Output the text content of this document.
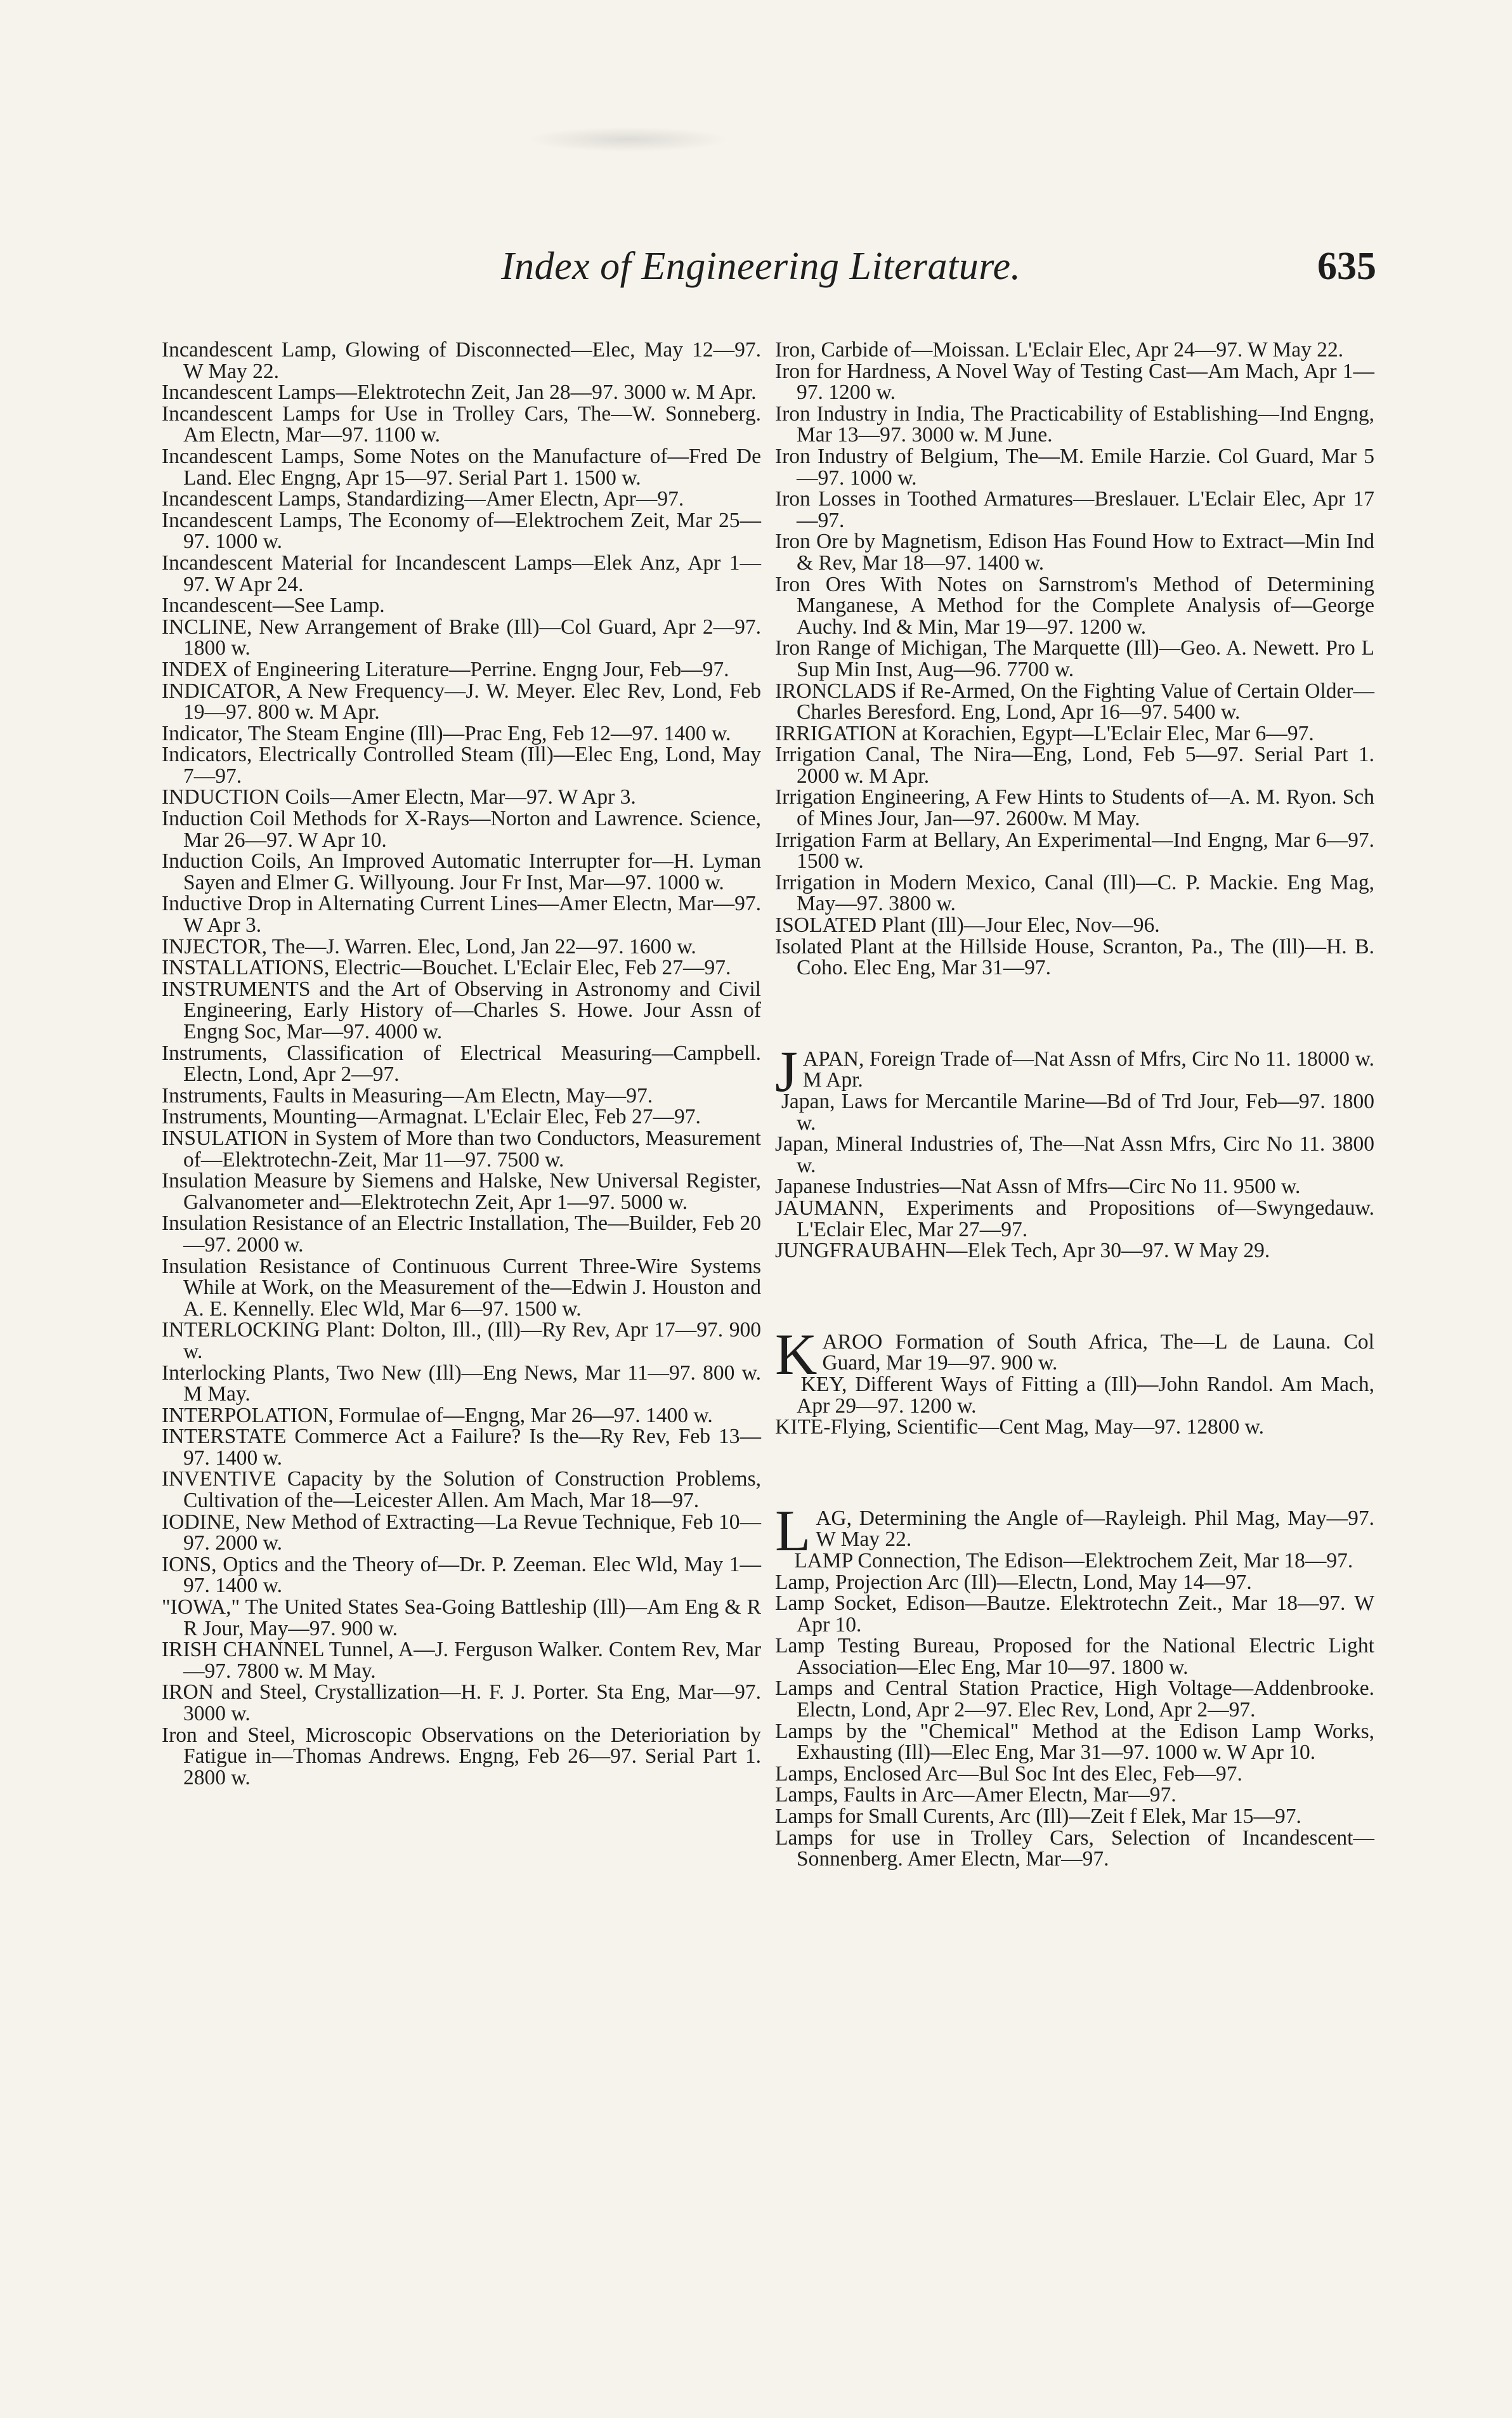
Index of Engineering Literature.	635

Incandescent Lamp, Glowing of Disconnected—Elec, May 12—97. W May 22.

Incandescent Lamps—Elektrotechn Zeit, Jan 28—97. 3000 w. M Apr.

Incandescent Lamps for Use in Trolley Cars, The—W. Sonneberg. Am Electn, Mar—97. 1100 w.

Incandescent Lamps, Some Notes on the Manufacture of—Fred De Land. Elec Engng, Apr 15—97. Serial Part 1. 1500 w.

Incandescent Lamps, Standardizing—Amer Electn, Apr—97.

Incandescent Lamps, The Economy of—Elektrochem Zeit, Mar 25—97. 1000 w.

Incandescent Material for Incandescent Lamps—Elek Anz, Apr 1—97. W Apr 24.

Incandescent—See Lamp.

INCLINE, New Arrangement of Brake (Ill)—Col Guard, Apr 2—97. 1800 w.

INDEX of Engineering Literature—Perrine. Engng Jour, Feb—97.

INDICATOR, A New Frequency—J. W. Meyer. Elec Rev, Lond, Feb 19—97. 800 w. M Apr.

Indicator, The Steam Engine (Ill)—Prac Eng, Feb 12—97. 1400 w.

Indicators, Electrically Controlled Steam (Ill)—Elec Eng, Lond, May 7—97.

INDUCTION Coils—Amer Electn, Mar—97. W Apr 3.

Induction Coil Methods for X-Rays—Norton and Lawrence. Science, Mar 26—97. W Apr 10.

Induction Coils, An Improved Automatic Interrupter for—H. Lyman Sayen and Elmer G. Willyoung. Jour Fr Inst, Mar—97. 1000 w.

Inductive Drop in Alternating Current Lines—Amer Electn, Mar—97. W Apr 3.

INJECTOR, The—J. Warren. Elec, Lond, Jan 22—97. 1600 w.

INSTALLATIONS, Electric—Bouchet. L'Eclair Elec, Feb 27—97.

INSTRUMENTS and the Art of Observing in Astronomy and Civil Engineering, Early History of—Charles S. Howe. Jour Assn of Engng Soc, Mar—97. 4000 w.

Instruments, Classification of Electrical Measuring—Campbell. Electn, Lond, Apr 2—97.

Instruments, Faults in Measuring—Am Electn, May—97.

Instruments, Mounting—Armagnat. L'Eclair Elec, Feb 27—97.

INSULATION in System of More than two Conductors, Measurement of—Elektrotechn-Zeit, Mar 11—97. 7500 w.

Insulation Measure by Siemens and Halske, New Universal Register, Galvanometer and—Elektrotechn Zeit, Apr 1—97. 5000 w.

Insulation Resistance of an Electric Installation, The—Builder, Feb 20—97. 2000 w.

Insulation Resistance of Continuous Current Three-Wire Systems While at Work, on the Measurement of the—Edwin J. Houston and A. E. Kennelly. Elec Wld, Mar 6—97. 1500 w.

INTERLOCKING Plant: Dolton, Ill., (Ill)—Ry Rev, Apr 17—97. 900 w.

Interlocking Plants, Two New (Ill)—Eng News, Mar 11—97. 800 w. M May.

INTERPOLATION, Formulae of—Engng, Mar 26—97. 1400 w.

INTERSTATE Commerce Act a Failure? Is the—Ry Rev, Feb 13—97. 1400 w.

INVENTIVE Capacity by the Solution of Construction Problems, Cultivation of the—Leicester Allen. Am Mach, Mar 18—97.

IODINE, New Method of Extracting—La Revue Technique, Feb 10—97. 2000 w.

IONS, Optics and the Theory of—Dr. P. Zeeman. Elec Wld, May 1—97. 1400 w.

"IOWA," The United States Sea-Going Battleship (Ill)—Am Eng & R R Jour, May—97. 900 w.

IRISH CHANNEL Tunnel, A—J. Ferguson Walker. Contem Rev, Mar—97. 7800 w. M May.

IRON and Steel, Crystallization—H. F. J. Porter. Sta Eng, Mar—97. 3000 w.

Iron and Steel, Microscopic Observations on the Deterioriation by Fatigue in—Thomas Andrews. Engng, Feb 26—97. Serial Part 1. 2800 w.

Iron, Carbide of—Moissan. L'Eclair Elec, Apr 24—97. W May 22.

Iron for Hardness, A Novel Way of Testing Cast—Am Mach, Apr 1—97. 1200 w.

Iron Industry in India, The Practicability of Establishing—Ind Engng, Mar 13—97. 3000 w. M June.

Iron Industry of Belgium, The—M. Emile Harzie. Col Guard, Mar 5—97. 1000 w.

Iron Losses in Toothed Armatures—Breslauer. L'Eclair Elec, Apr 17—97.

Iron Ore by Magnetism, Edison Has Found How to Extract—Min Ind & Rev, Mar 18—97. 1400 w.

Iron Ores With Notes on Sarnstrom's Method of Determining Manganese, A Method for the Complete Analysis of—George Auchy. Ind & Min, Mar 19—97. 1200 w.

Iron Range of Michigan, The Marquette (Ill)—Geo. A. Newett. Pro L Sup Min Inst, Aug—96. 7700 w.

IRONCLADS if Re-Armed, On the Fighting Value of Certain Older—Charles Beresford. Eng, Lond, Apr 16—97. 5400 w.

IRRIGATION at Korachien, Egypt—L'Eclair Elec, Mar 6—97.

Irrigation Canal, The Nira—Eng, Lond, Feb 5—97. Serial Part 1. 2000 w. M Apr.

Irrigation Engineering, A Few Hints to Students of—A. M. Ryon. Sch of Mines Jour, Jan—97. 2600w. M May.

Irrigation Farm at Bellary, An Experimental—Ind Engng, Mar 6—97. 1500 w.

Irrigation in Modern Mexico, Canal (Ill)—C. P. Mackie. Eng Mag, May—97. 3800 w.

ISOLATED Plant (Ill)—Jour Elec, Nov—96.

Isolated Plant at the Hillside House, Scranton, Pa., The (Ill)—H. B. Coho. Elec Eng, Mar 31—97.

JAPAN, Foreign Trade of—Nat Assn of Mfrs, Circ No 11. 18000 w. M Apr.

Japan, Laws for Mercantile Marine—Bd of Trd Jour, Feb—97. 1800 w.

Japan, Mineral Industries of, The—Nat Assn Mfrs, Circ No 11. 3800 w.

Japanese Industries—Nat Assn of Mfrs—Circ No 11. 9500 w.

JAUMANN, Experiments and Propositions of—Swyngedauw. L'Eclair Elec, Mar 27—97.

JUNGFRAUBAHN—Elek Tech, Apr 30—97. W May 29.

KAROO Formation of South Africa, The—L de Launa. Col Guard, Mar 19—97. 900 w.

KEY, Different Ways of Fitting a (Ill)—John Randol. Am Mach, Apr 29—97. 1200 w.

KITE-Flying, Scientific—Cent Mag, May—97. 12800 w.

LAG, Determining the Angle of—Rayleigh. Phil Mag, May—97. W May 22.

LAMP Connection, The Edison—Elektrochem Zeit, Mar 18—97.

Lamp, Projection Arc (Ill)—Electn, Lond, May 14—97.

Lamp Socket, Edison—Bautze. Elektrotechn Zeit., Mar 18—97. W Apr 10.

Lamp Testing Bureau, Proposed for the National Electric Light Association—Elec Eng, Mar 10—97. 1800 w.

Lamps and Central Station Practice, High Voltage—Addenbrooke. Electn, Lond, Apr 2—97. Elec Rev, Lond, Apr 2—97.

Lamps by the "Chemical" Method at the Edison Lamp Works, Exhausting (Ill)—Elec Eng, Mar 31—97. 1000 w. W Apr 10.

Lamps, Enclosed Arc—Bul Soc Int des Elec, Feb—97.

Lamps, Faults in Arc—Amer Electn, Mar—97.

Lamps for Small Curents, Arc (Ill)—Zeit f Elek, Mar 15—97.

Lamps for use in Trolley Cars, Selection of Incandescent—Sonnenberg. Amer Electn, Mar—97.
